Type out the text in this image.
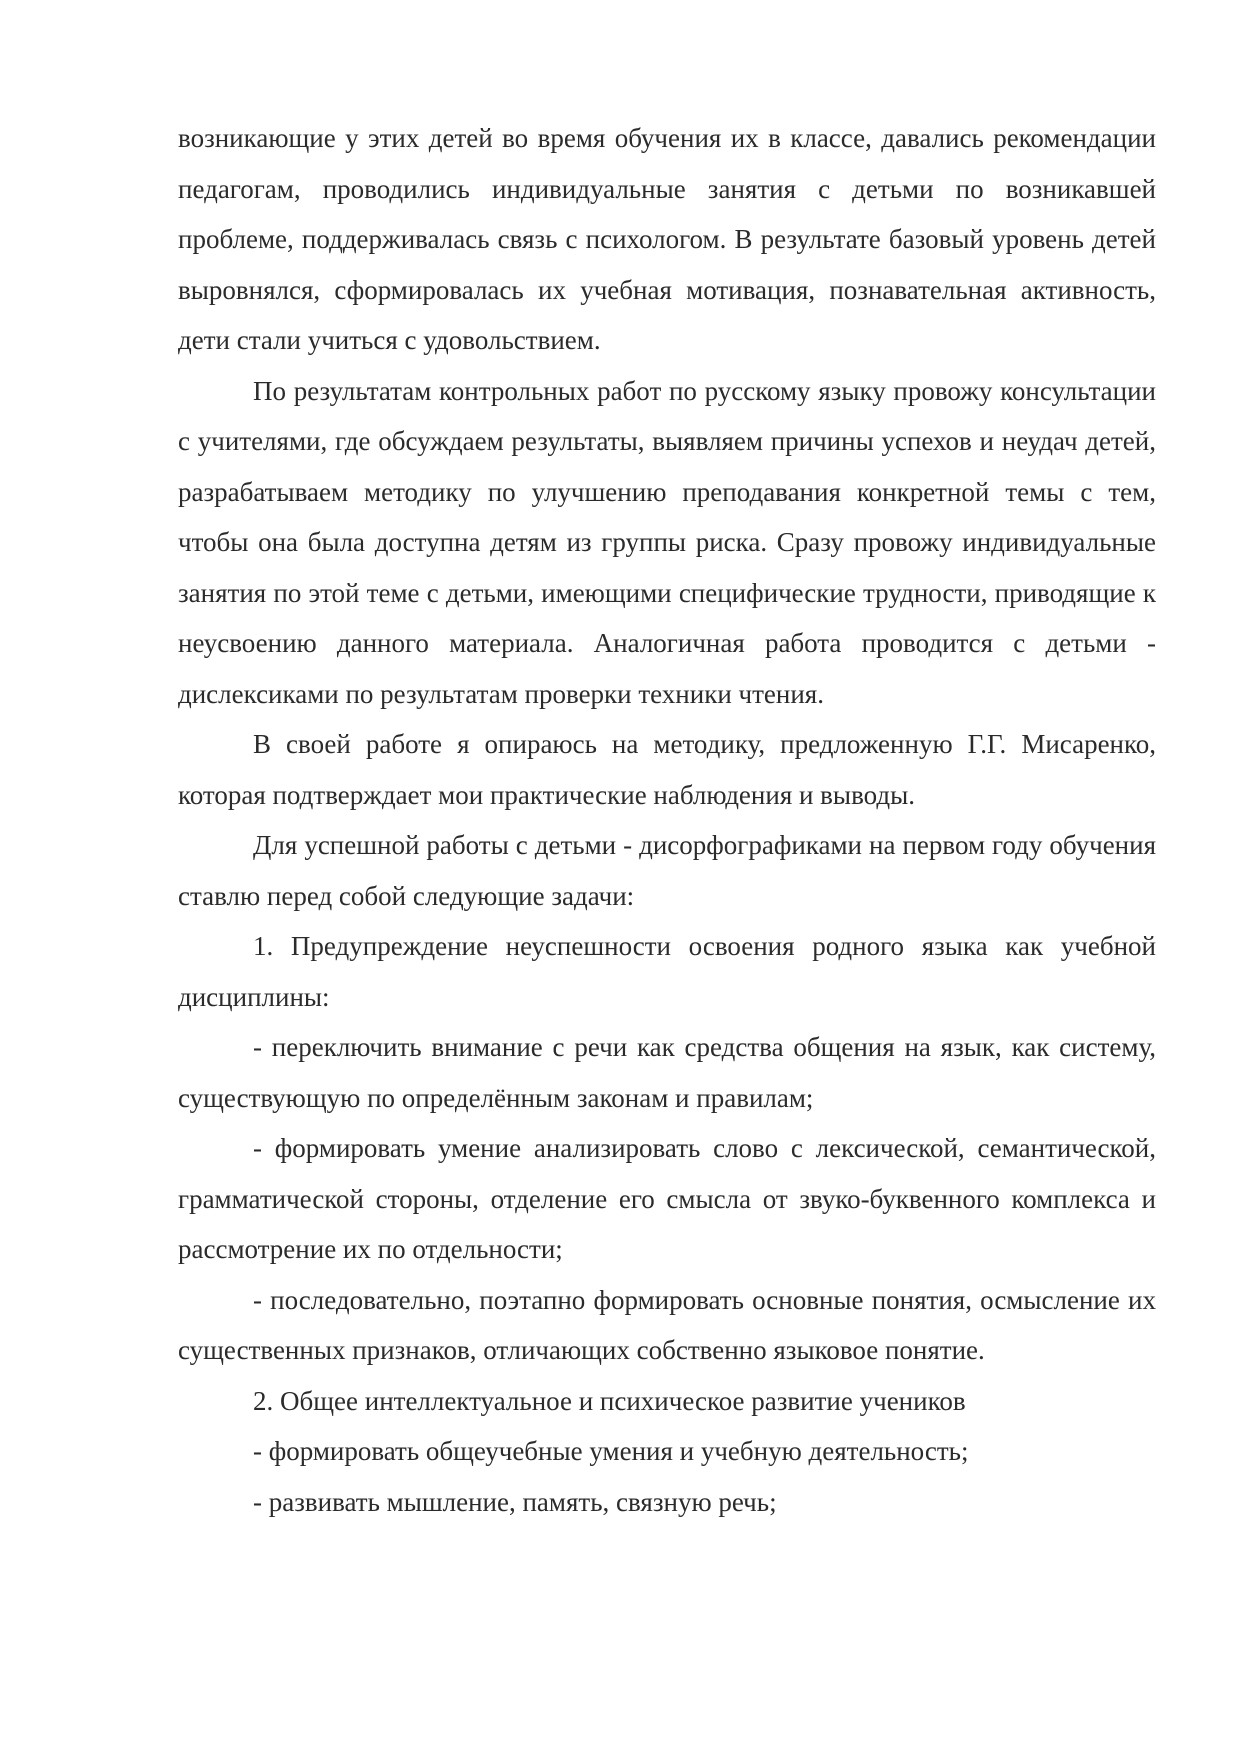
возникающие у этих детей во время обучения их в классе, давались рекомендации педагогам, проводились индивидуальные занятия с детьми по возникавшей проблеме, поддерживалась связь с психологом. В результате базовый уровень детей выровнялся, сформировалась их учебная мотивация, познавательная активность, дети стали учиться с удовольствием.

По результатам контрольных работ по русскому языку провожу консультации с учителями, где обсуждаем результаты, выявляем причины успехов и неудач детей, разрабатываем методику по улучшению преподавания конкретной темы с тем, чтобы она была доступна детям из группы риска. Сразу провожу индивидуальные занятия по этой теме с детьми, имеющими специфические трудности, приводящие к неусвоению данного материала. Аналогичная работа проводится с детьми - дислексиками по результатам проверки техники чтения.

В своей работе я опираюсь на методику, предложенную Г.Г. Мисаренко, которая подтверждает мои практические наблюдения и выводы.

Для успешной работы с детьми - дисорфографиками на первом году обучения ставлю перед собой следующие задачи:

1. Предупреждение неуспешности освоения родного языка как учебной дисциплины:

- переключить внимание с речи как средства общения на язык, как систему, существующую по определённым законам и правилам;

- формировать умение анализировать слово с лексической, семантической, грамматической стороны, отделение его смысла от звуко-буквенного комплекса и рассмотрение их по отдельности;

- последовательно, поэтапно формировать основные понятия, осмысление их существенных признаков, отличающих собственно языковое понятие.

2. Общее интеллектуальное и психическое развитие учеников

- формировать общеучебные умения и учебную деятельность;

- развивать мышление, память, связную речь;
